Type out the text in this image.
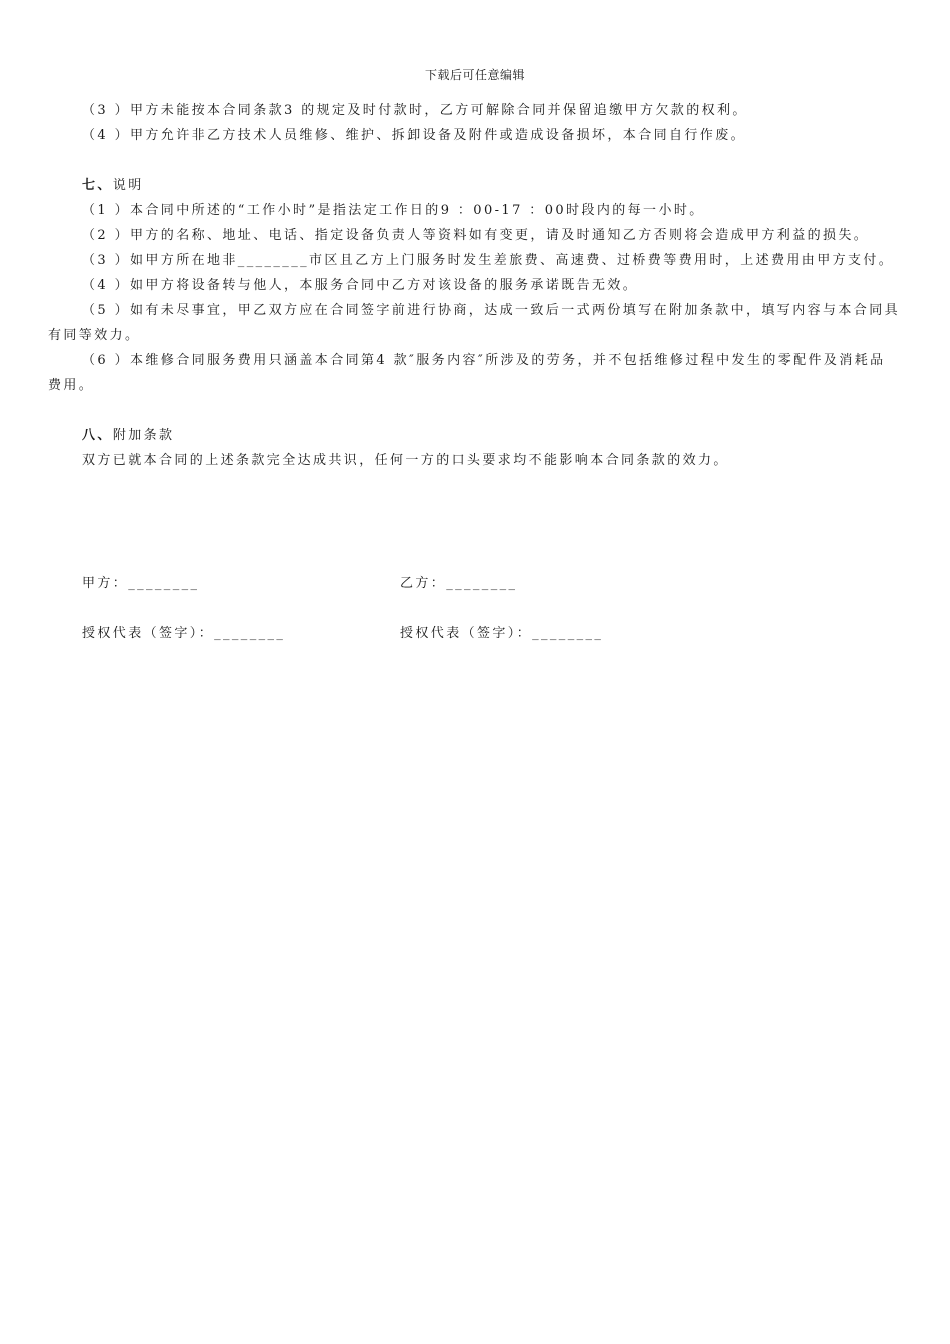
下载后可任意编辑

（3 ）甲方未能按本合同条款3 的规定及时付款时，乙方可解除合同并保留追缴甲方欠款的权利。

（4 ）甲方允许非乙方技术人员维修、维护、拆卸设备及附件或造成设备损坏，本合同自行作废。

七、说明

（1 ）本合同中所述的“工作小时”是指法定工作日的9 ：00-17 ：00时段内的每一小时。

（2 ）甲方的名称、地址、电话、指定设备负责人等资料如有变更，请及时通知乙方否则将会造成甲方利益的损失。

（3 ）如甲方所在地非________市区且乙方上门服务时发生差旅费、高速费、过桥费等费用时，上述费用由甲方支付。

（4 ）如甲方将设备转与他人，本服务合同中乙方对该设备的服务承诺既告无效。

（5 ）如有未尽事宜，甲乙双方应在合同签字前进行协商，达成一致后一式两份填写在附加条款中，填写内容与本合同具有同等效力。

（6 ）本维修合同服务费用只涵盖本合同第4 款″服务内容″所涉及的劳务，并不包括维修过程中发生的零配件及消耗品费用。

八、附加条款

双方已就本合同的上述条款完全达成共识，任何一方的口头要求均不能影响本合同条款的效力。

甲方：________	乙方：________
授权代表（签字）：________	授权代表（签字）：________
